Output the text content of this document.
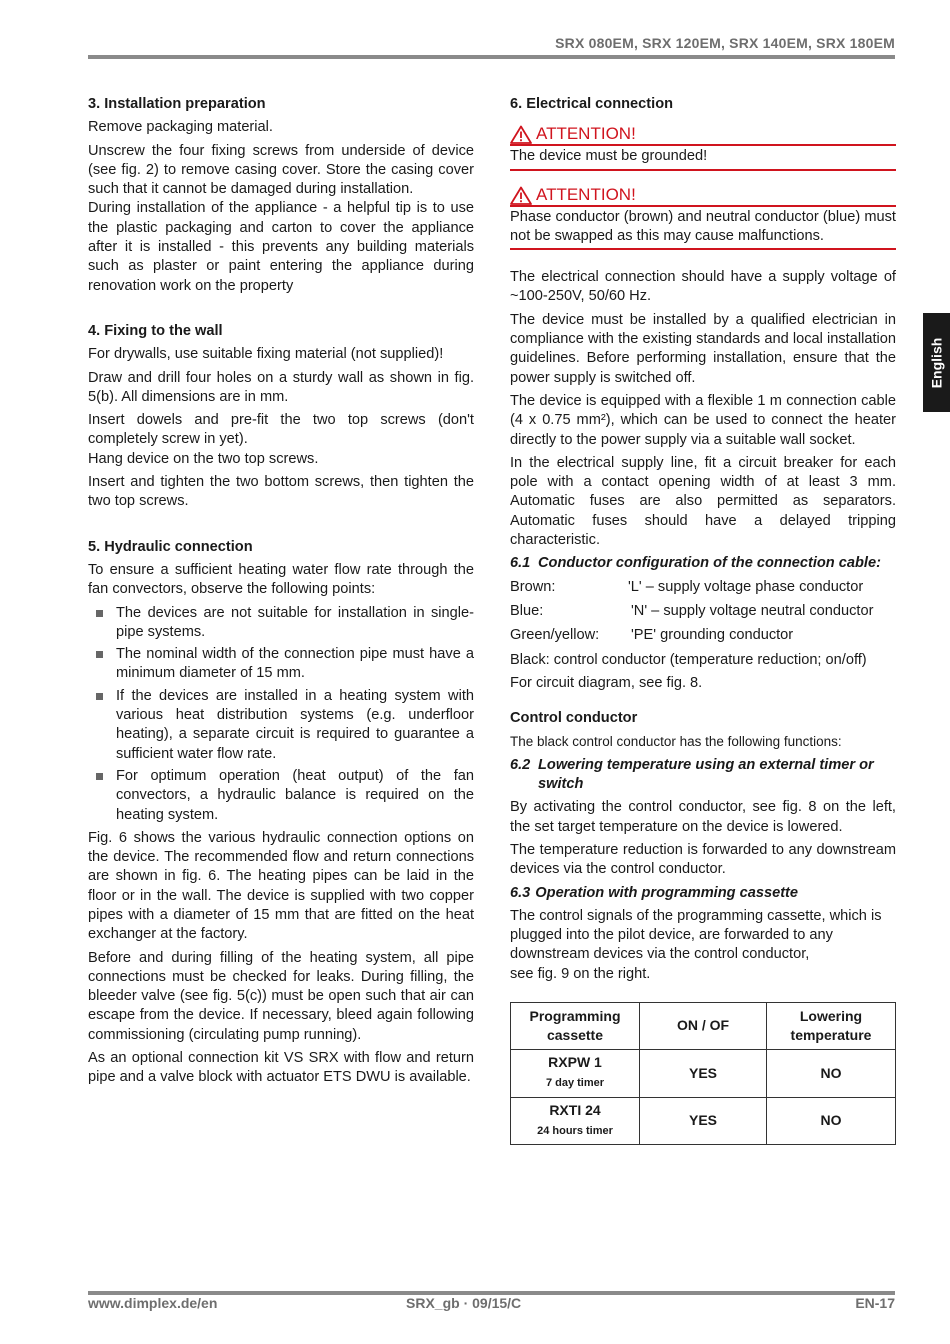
SRX 080EM, SRX 120EM, SRX 140EM, SRX 180EM
English
3. Installation preparation

Remove packaging material.

Unscrew the four fixing screws from underside of device (see fig. 2) to remove casing cover. Store the casing cover such that it cannot be damaged during installation.

During installation of the appliance - a helpful tip is to use the plastic packaging and carton to cover the appliance after it is installed - this prevents any building materials such as plaster or paint entering the appliance during renovation work on the property

4. Fixing to the wall

For drywalls, use suitable fixing material (not supplied)!

Draw and drill four holes on a sturdy wall as shown in fig. 5(b). All dimensions are in mm.

Insert dowels and pre-fit the two top screws (don't completely screw in yet).

Hang device on the two top screws.

Insert and tighten the two bottom screws, then tighten the two top screws.

5. Hydraulic connection

To ensure a sufficient heating water flow rate through the fan convectors, observe the following points:

The devices are not suitable for installation in single-pipe systems.
The nominal width of the connection pipe must have a minimum diameter of 15 mm.
If the devices are installed in a heating system with various heat distribution systems (e.g. underfloor heating), a separate circuit is required to guarantee a sufficient water flow rate.
For optimum operation (heat output) of the fan convectors, a hydraulic balance is required on the heating system.

Fig. 6 shows the various hydraulic connection options on the device. The recommended flow and return connections are shown in fig. 6. The heating pipes can be laid in the floor or in the wall. The device is supplied with two copper pipes with a diameter of 15 mm that are fitted on the heat exchanger at the factory.

Before and during filling of the heating system, all pipe connections must be checked for leaks. During filling, the bleeder valve (see fig. 5(c)) must be open such that air can escape from the device. If necessary, bleed again following commissioning (circulating pump running).

As an optional connection kit VS SRX with flow and return pipe and a valve block with actuator ETS DWU is available.

6. Electrical connection
ATTENTION!
The device must be grounded!
ATTENTION!
Phase conductor (brown) and neutral conductor (blue) must not be swapped as this may cause malfunctions.

The electrical connection should have a supply voltage of ~100-250V, 50/60 Hz.

The device must be installed by a qualified electrician in compliance with the existing standards and local installation guidelines. Before performing installation, ensure that the power supply is switched off.

The device is equipped with a flexible 1 m connection cable (4 x 0.75 mm²), which can be used to connect the heater directly to the power supply via a suitable wall socket.

In the electrical supply line, fit a circuit breaker for each pole with a contact opening width of at least 3 mm. Automatic fuses are also permitted as separators. Automatic fuses should have a delayed tripping characteristic.

6.1 Conductor configuration of the connection cable:
Brown:	'L' – supply voltage phase conductor
Blue:	'N' – supply voltage neutral conductor
Green/yellow:	'PE' grounding conductor

Black: control conductor (temperature reduction; on/off)

For circuit diagram, see fig. 8.

Control conductor

The black control conductor has the following functions:

6.2 Lowering temperature using an external timer or switch

By activating the control conductor, see fig. 8 on the left, the set target temperature on the device is lowered.

The temperature reduction is forwarded to any downstream devices via the control conductor.

6.3 Operation with programming cassette

The control signals of the programming cassette, which is plugged into the pilot device, are forwarded to any downstream devices via the control conductor,

see fig. 9 on the right.

Programming cassette	ON / OF	Lowering temperature
RXPW 1
7 day timer	YES	NO
RXTI 24
24 hours timer	YES	NO
www.dimplex.de/en	SRX_gb · 09/15/C	EN-17
